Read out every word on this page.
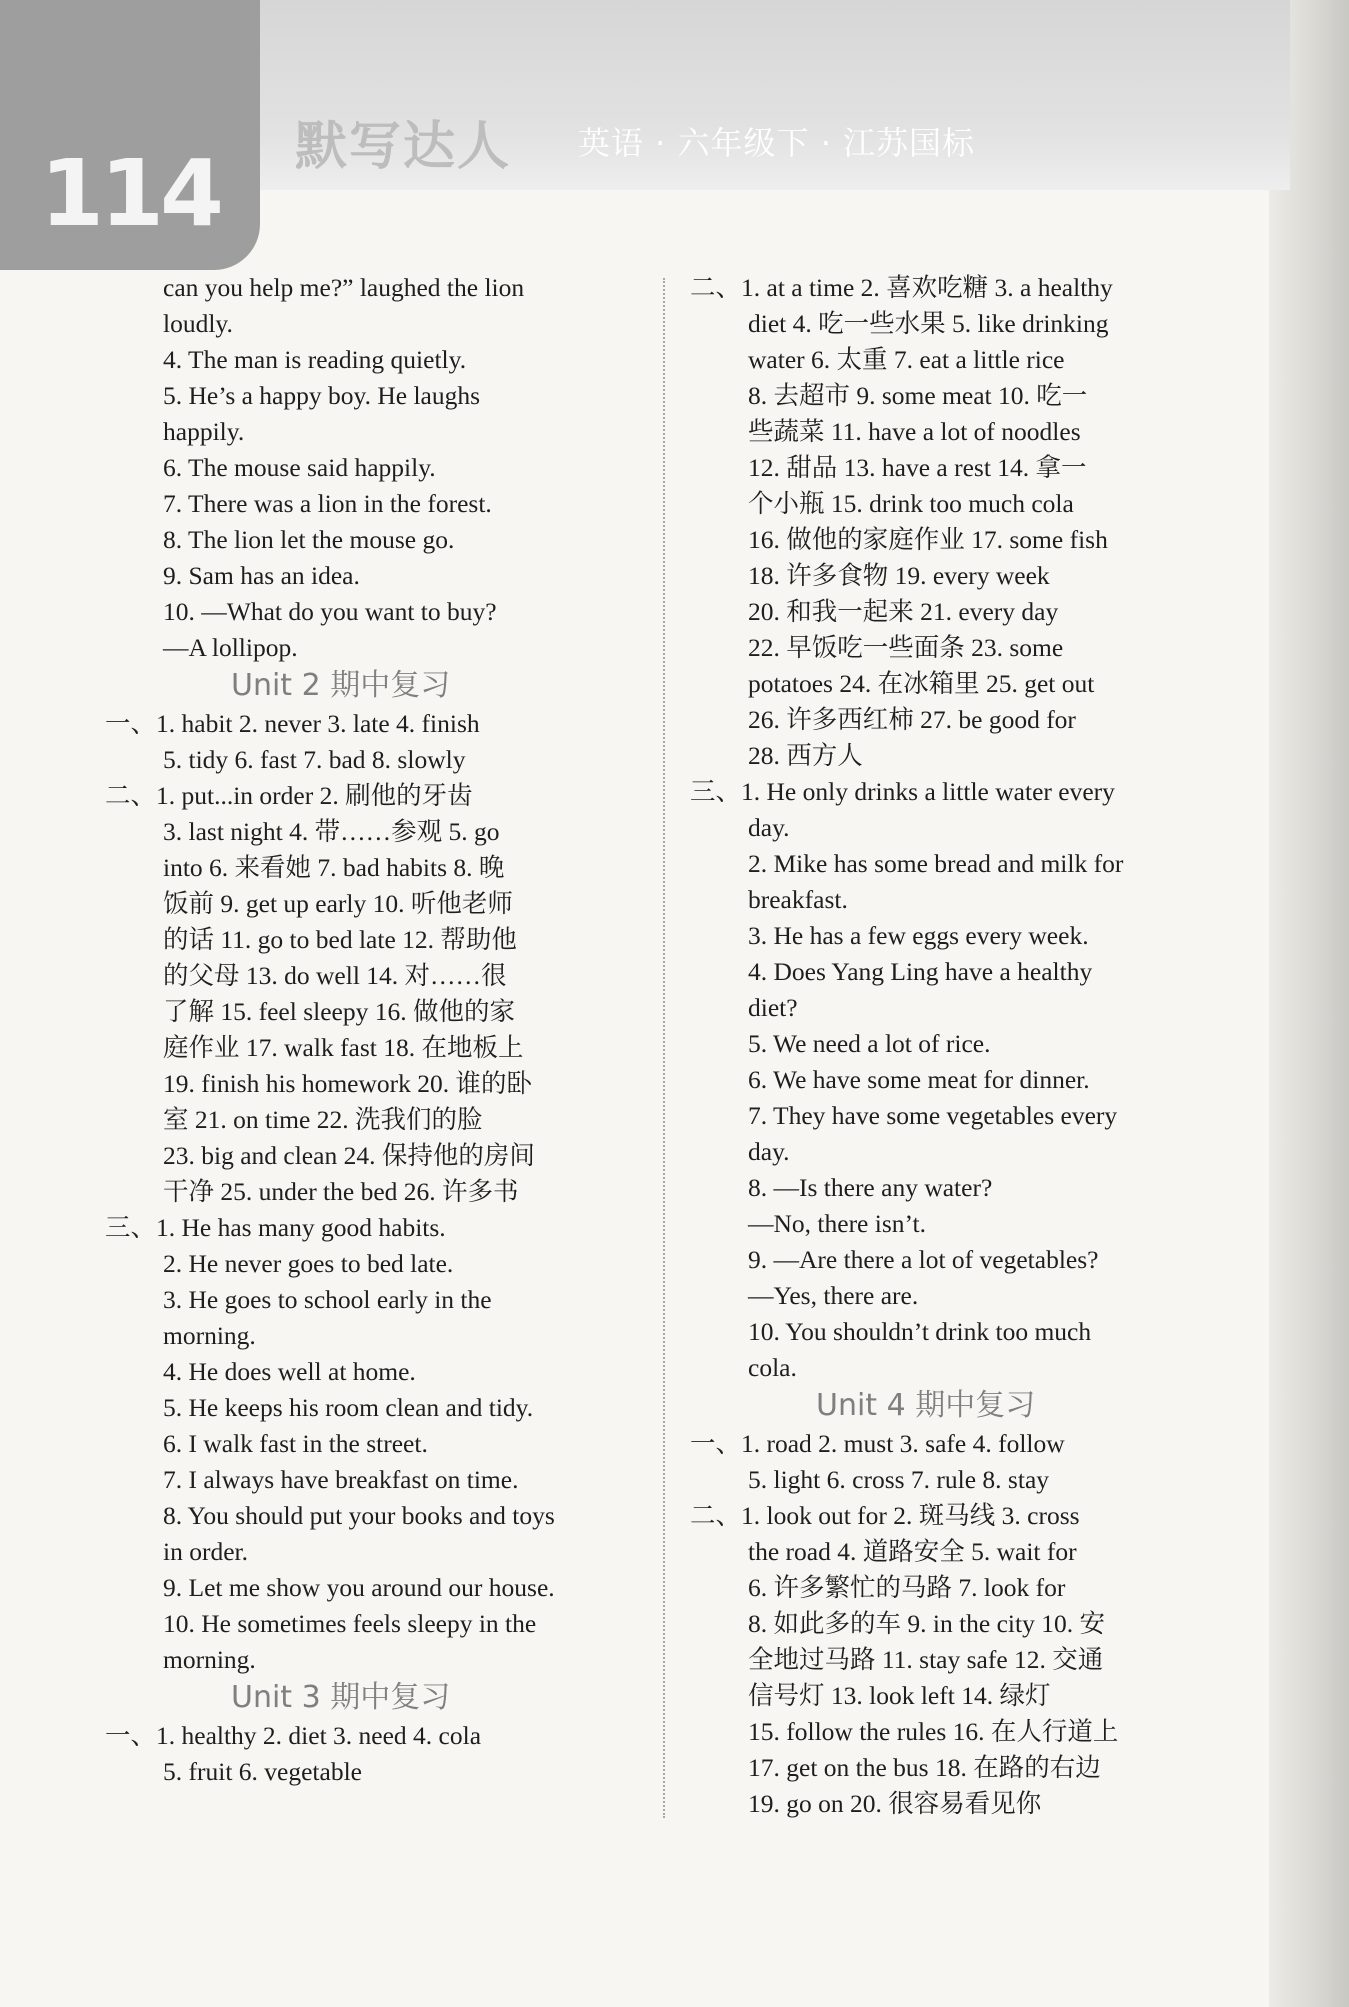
114 默写达人 英语 · 六年级下 · 江苏国标
can you help me?” laughed the lion
loudly.
4. The man is reading quietly.
5. He’s a happy boy. He laughs
happily.
6. The mouse said happily.
7. There was a lion in the forest.
8. The lion let the mouse go.
9. Sam has an idea.
10. —What do you want to buy?
—A lollipop.
Unit 2 期中复习
一、1. habit 2. never 3. late 4. finish
5. tidy 6. fast 7. bad 8. slowly
二、1. put...in order 2. 刷他的牙齿
3. last night 4. 带……参观 5. go
into 6. 来看她 7. bad habits 8. 晚
饭前 9. get up early 10. 听他老师
的话 11. go to bed late 12. 帮助他
的父母 13. do well 14. 对……很
了解 15. feel sleepy 16. 做他的家
庭作业 17. walk fast 18. 在地板上
19. finish his homework 20. 谁的卧
室 21. on time 22. 洗我们的脸
23. big and clean 24. 保持他的房间
干净 25. under the bed 26. 许多书
三、1. He has many good habits.
2. He never goes to bed late.
3. He goes to school early in the
morning.
4. He does well at home.
5. He keeps his room clean and tidy.
6. I walk fast in the street.
7. I always have breakfast on time.
8. You should put your books and toys
in order.
9. Let me show you around our house.
10. He sometimes feels sleepy in the
morning.
Unit 3 期中复习
一、1. healthy 2. diet 3. need 4. cola
5. fruit 6. vegetable
二、1. at a time 2. 喜欢吃糖 3. a healthy
diet 4. 吃一些水果 5. like drinking
water 6. 太重 7. eat a little rice
8. 去超市 9. some meat 10. 吃一
些蔬菜 11. have a lot of noodles
12. 甜品 13. have a rest 14. 拿一
个小瓶 15. drink too much cola
16. 做他的家庭作业 17. some fish
18. 许多食物 19. every week
20. 和我一起来 21. every day
22. 早饭吃一些面条 23. some
potatoes 24. 在冰箱里 25. get out
26. 许多西红柿 27. be good for
28. 西方人
三、1. He only drinks a little water every
day.
2. Mike has some bread and milk for
breakfast.
3. He has a few eggs every week.
4. Does Yang Ling have a healthy
diet?
5. We need a lot of rice.
6. We have some meat for dinner.
7. They have some vegetables every
day.
8. —Is there any water?
—No, there isn’t.
9. —Are there a lot of vegetables?
—Yes, there are.
10. You shouldn’t drink too much
cola.
Unit 4 期中复习
一、1. road 2. must 3. safe 4. follow
5. light 6. cross 7. rule 8. stay
二、1. look out for 2. 斑马线 3. cross
the road 4. 道路安全 5. wait for
6. 许多繁忙的马路 7. look for
8. 如此多的车 9. in the city 10. 安
全地过马路 11. stay safe 12. 交通
信号灯 13. look left 14. 绿灯
15. follow the rules 16. 在人行道上
17. get on the bus 18. 在路的右边
19. go on 20. 很容易看见你
